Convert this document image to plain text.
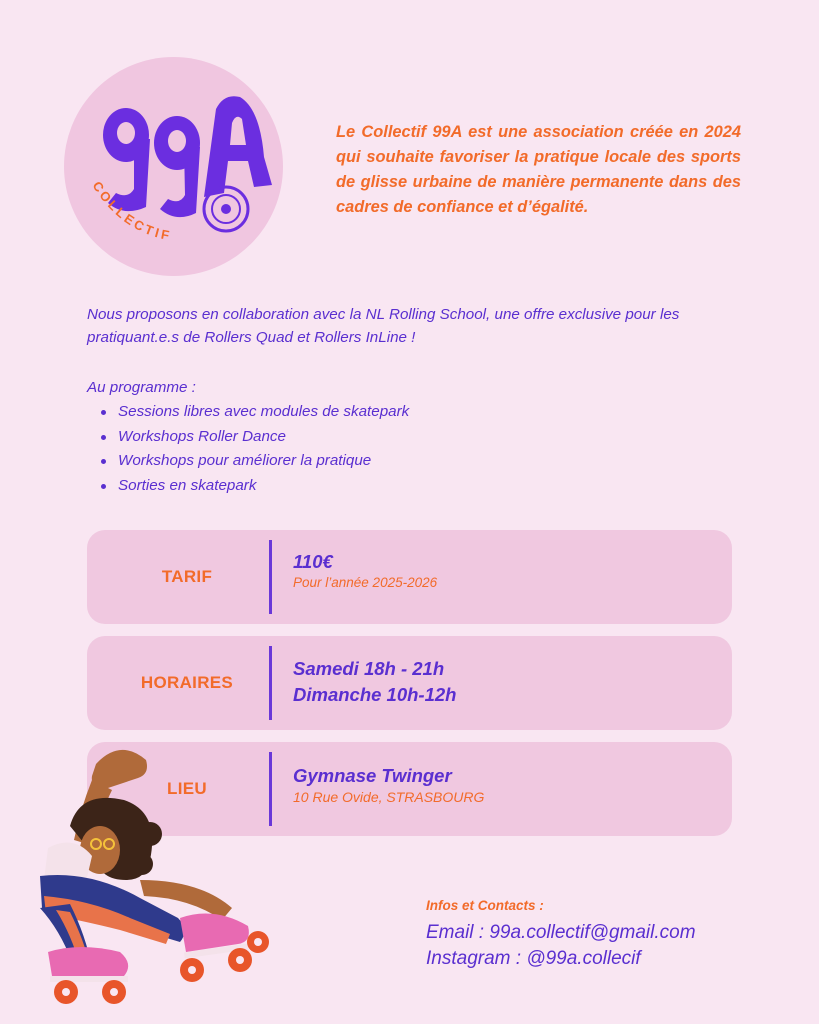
COLLECTIF

Le Collectif 99A est une association créée en 2024 qui souhaite favoriser la pratique locale des sports de glisse urbaine de manière permanente dans des cadres de confiance et d’égalité.

Nous proposons en collaboration avec la NL Rolling School, une offre exclusive pour les pratiquant.e.s de Rollers Quad et Rollers InLine !

Au programme :

Sessions libres avec modules de skatepark
Workshops Roller Dance
Workshops pour améliorer la pratique
Sorties en skatepark
TARIF
110€
Pour l’année 2025-2026
HORAIRES
Samedi 18h - 21h
Dimanche 10h-12h
LIEU
Gymnase Twinger
10 Rue Ovide, STRASBOURG
Infos et Contacts :
Email : 99a.collectif@gmail.com
Instagram : @99a.collecif
